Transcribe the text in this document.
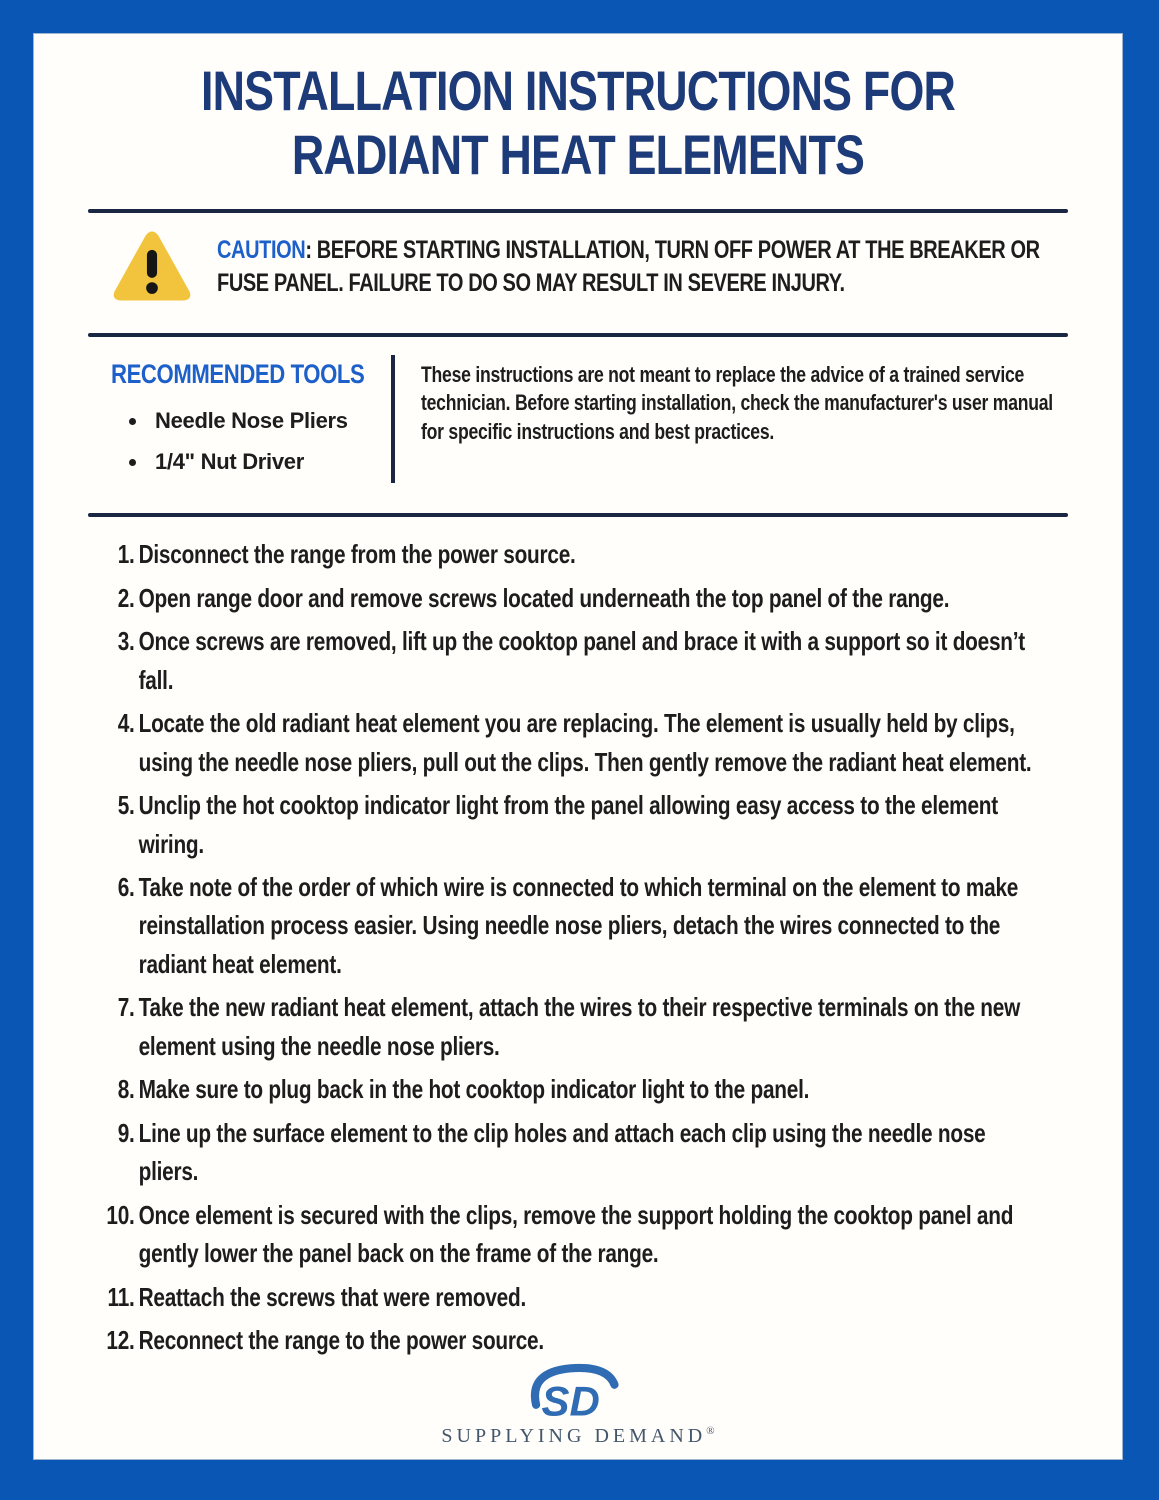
INSTALLATION INSTRUCTIONS FOR
RADIANT HEAT ELEMENTS
CAUTION: BEFORE STARTING INSTALLATION, TURN OFF POWER AT THE BREAKER OR FUSE PANEL. FAILURE TO DO SO MAY RESULT IN SEVERE INJURY.
RECOMMENDED TOOLS
• Needle Nose Pliers
• 1/4" Nut Driver
These instructions are not meant to replace the advice of a trained service technician. Before starting installation, check the manufacturer's user manual for specific instructions and best practices.
1. Disconnect the range from the power source.
2. Open range door and remove screws located underneath the top panel of the range.
3. Once screws are removed, lift up the cooktop panel and brace it with a support so it doesn’t fall.
4. Locate the old radiant heat element you are replacing. The element is usually held by clips, using the needle nose pliers, pull out the clips. Then gently remove the radiant heat element.
5. Unclip the hot cooktop indicator light from the panel allowing easy access to the element wiring.
6. Take note of the order of which wire is connected to which terminal on the element to make reinstallation process easier. Using needle nose pliers, detach the wires connected to the radiant heat element.
7. Take the new radiant heat element, attach the wires to their respective terminals on the new element using the needle nose pliers.
8. Make sure to plug back in the hot cooktop indicator light to the panel.
9. Line up the surface element to the clip holes and attach each clip using the needle nose pliers.
10. Once element is secured with the clips, remove the support holding the cooktop panel and gently lower the panel back on the frame of the range.
11. Reattach the screws that were removed.
12. Reconnect the range to the power source.
SD
SUPPLYING DEMAND®
